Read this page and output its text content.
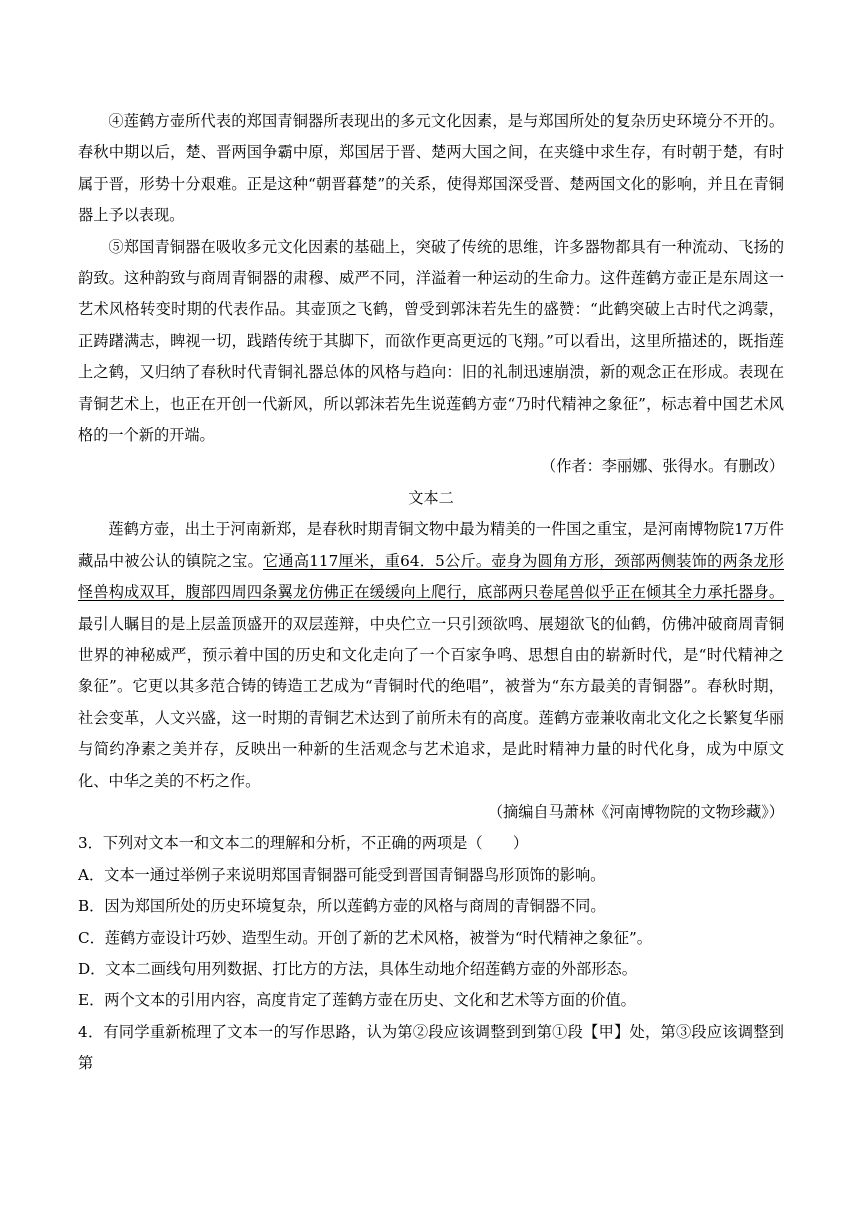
④莲鹤方壶所代表的郑国青铜器所表现出的多元文化因素，是与郑国所处的复杂历史环境分不开的。春秋中期以后，楚、晋两国争霸中原，郑国居于晋、楚两大国之间，在夹缝中求生存，有时朝于楚，有时属于晋，形势十分艰难。正是这种“朝晋暮楚”的关系，使得郑国深受晋、楚两国文化的影响，并且在青铜器上予以表现。

⑤郑国青铜器在吸收多元文化因素的基础上，突破了传统的思维，许多器物都具有一种流动、飞扬的韵致。这种韵致与商周青铜器的肃穆、威严不同，洋溢着一种运动的生命力。这件莲鹤方壶正是东周这一艺术风格转变时期的代表作品。其壶顶之飞鹤，曾受到郭沫若先生的盛赞：“此鹤突破上古时代之鸿蒙，正踌躇满志，睥视一切，践踏传统于其脚下，而欲作更高更远的飞翔。”可以看出，这里所描述的，既指莲上之鹤，又归纳了春秋时代青铜礼器总体的风格与趋向：旧的礼制迅速崩溃，新的观念正在形成。表现在青铜艺术上，也正在开创一代新风，所以郭沫若先生说莲鹤方壶“乃时代精神之象征”，标志着中国艺术风格的一个新的开端。

（作者：李丽娜、张得水。有删改）

文本二

莲鹤方壶，出土于河南新郑，是春秋时期青铜文物中最为精美的一件国之重宝，是河南博物院17万件藏品中被公认的镇院之宝。它通高117厘米，重64．5公斤。壶身为圆角方形，颈部两侧装饰的两条龙形怪兽构成双耳，腹部四周四条翼龙仿佛正在缓缓向上爬行，底部两只卷尾兽似乎正在倾其全力承托器身。最引人瞩目的是上层盖顶盛开的双层莲辩，中央伫立一只引颈欲鸣、展翅欲飞的仙鹤，仿佛冲破商周青铜世界的神秘威严，预示着中国的历史和文化走向了一个百家争鸣、思想自由的崭新时代，是“时代精神之象征”。它更以其多范合铸的铸造工艺成为“青铜时代的绝唱”，被誉为“东方最美的青铜器”。春秋时期，社会变革，人文兴盛，这一时期的青铜艺术达到了前所未有的高度。莲鹤方壶兼收南北文化之长繁复华丽与简约净素之美并存，反映出一种新的生活观念与艺术追求，是此时精神力量的时代化身，成为中原文化、中华之美的不朽之作。

（摘编自马萧林《河南博物院的文物珍藏》）

3．下列对文本一和文本二的理解和分析，不正确的两项是（　　）

A．文本一通过举例子来说明郑国青铜器可能受到晋国青铜器鸟形顶饰的影响。

B．因为郑国所处的历史环境复杂，所以莲鹤方壶的风格与商周的青铜器不同。

C．莲鹤方壶设计巧妙、造型生动。开创了新的艺术风格，被誉为“时代精神之象征”。

D．文本二画线句用列数据、打比方的方法，具体生动地介绍莲鹤方壶的外部形态。

E．两个文本的引用内容，高度肯定了莲鹤方壶在历史、文化和艺术等方面的价值。

4．有同学重新梳理了文本一的写作思路，认为第②段应该调整到到第①段【甲】处，第③段应该调整到第
